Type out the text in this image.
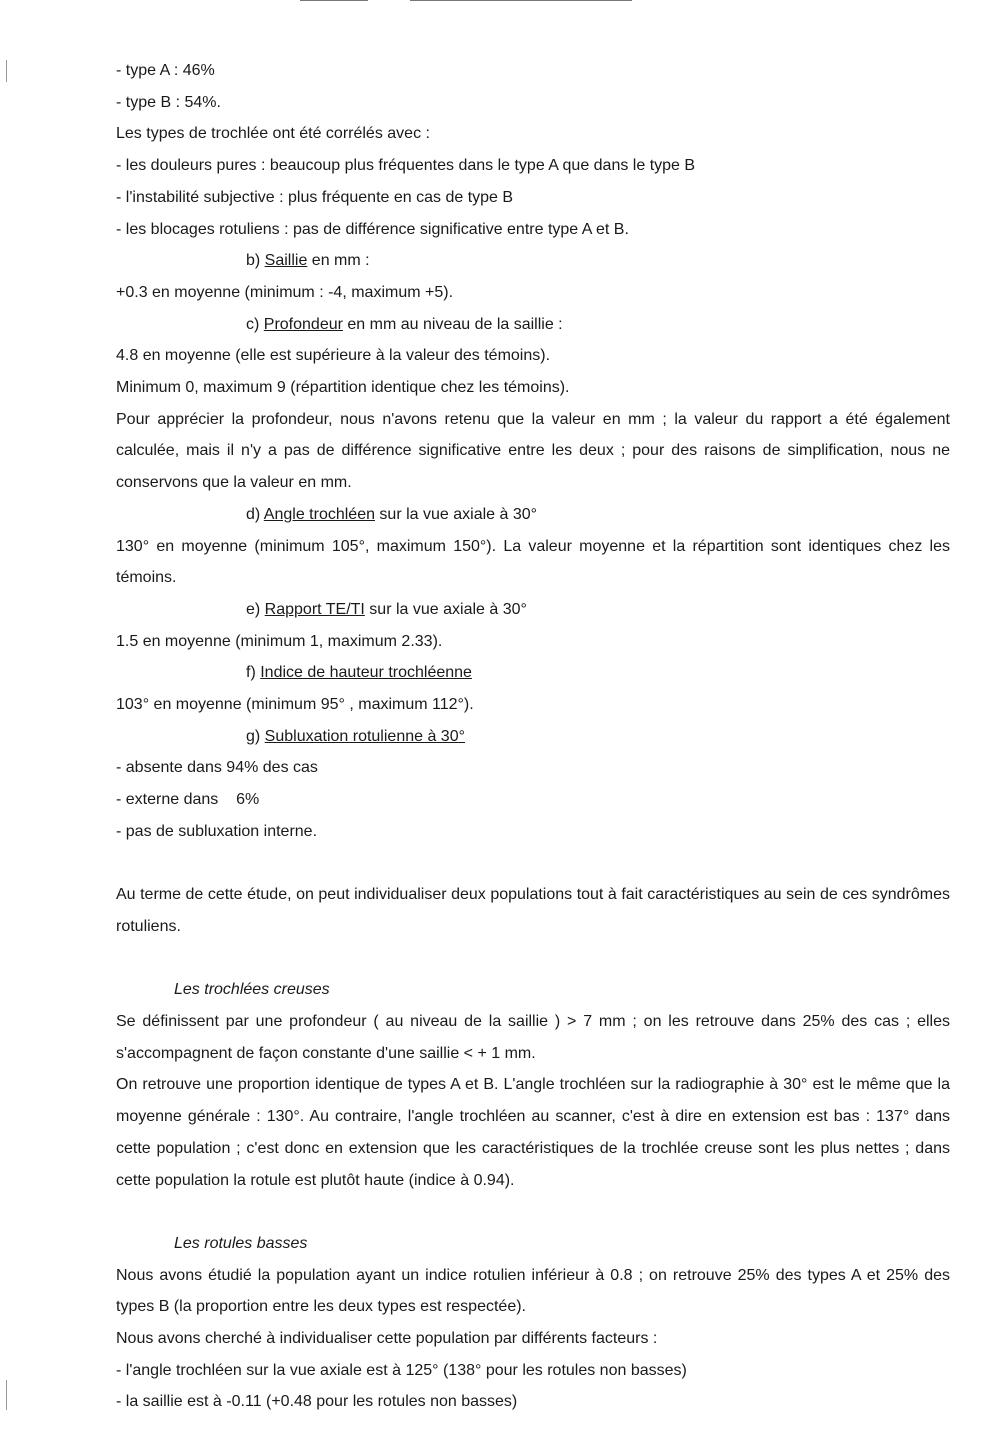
- type A : 46%
- type B : 54%.
Les types de trochlée ont été corrélés avec :
- les douleurs pures : beaucoup plus fréquentes dans le type A que dans le type B
- l'instabilité subjective : plus fréquente en cas de type B
- les blocages rotuliens : pas de différence significative entre type A et B.
b) Saillie en mm :
+0.3 en moyenne (minimum : -4, maximum +5).
c) Profondeur en mm au niveau de la saillie :
4.8 en moyenne (elle est supérieure à la valeur des témoins).
Minimum 0, maximum 9 (répartition identique chez les témoins).
Pour apprécier la profondeur, nous n'avons retenu que la valeur en mm ; la valeur du rapport a été également calculée, mais il n'y a pas de différence significative entre les deux ; pour des raisons de simplification, nous ne conservons que la valeur en mm.
d) Angle trochléen sur la vue axiale à 30°
130° en moyenne (minimum 105°, maximum 150°). La valeur moyenne et la répartition sont identiques chez les témoins.
e) Rapport TE/TI sur la vue axiale à 30°
1.5 en moyenne (minimum 1, maximum 2.33).
f) Indice de hauteur trochléenne
103° en moyenne (minimum 95° , maximum 112°).
g) Subluxation rotulienne à 30°
- absente dans 94% des cas
- externe dans    6%
- pas de subluxation interne.
Au terme de cette étude, on peut individualiser deux populations tout à fait caractéristiques au sein de ces syndrômes rotuliens.
Les trochlées creuses
Se définissent par une profondeur ( au niveau de la saillie ) > 7 mm ; on les retrouve dans 25% des cas ; elles s'accompagnent de façon constante d'une saillie < + 1 mm.
On retrouve une proportion identique de types A et B. L'angle trochléen sur la radiographie à 30° est le même que la moyenne générale : 130°. Au contraire, l'angle trochléen au scanner, c'est à dire en extension est bas : 137° dans cette population ; c'est donc en extension que les caractéristiques de la trochlée creuse sont les plus nettes ; dans cette population la rotule est plutôt haute (indice à 0.94).
Les rotules basses
Nous avons étudié la population ayant un indice rotulien inférieur à 0.8 ; on retrouve 25% des types A et 25% des types B (la proportion entre les deux types est respectée).
Nous avons cherché à individualiser cette population par différents facteurs :
- l'angle trochléen sur la vue axiale est à 125° (138° pour les rotules non basses)
- la saillie est à -0.11 (+0.48 pour les rotules non basses)
